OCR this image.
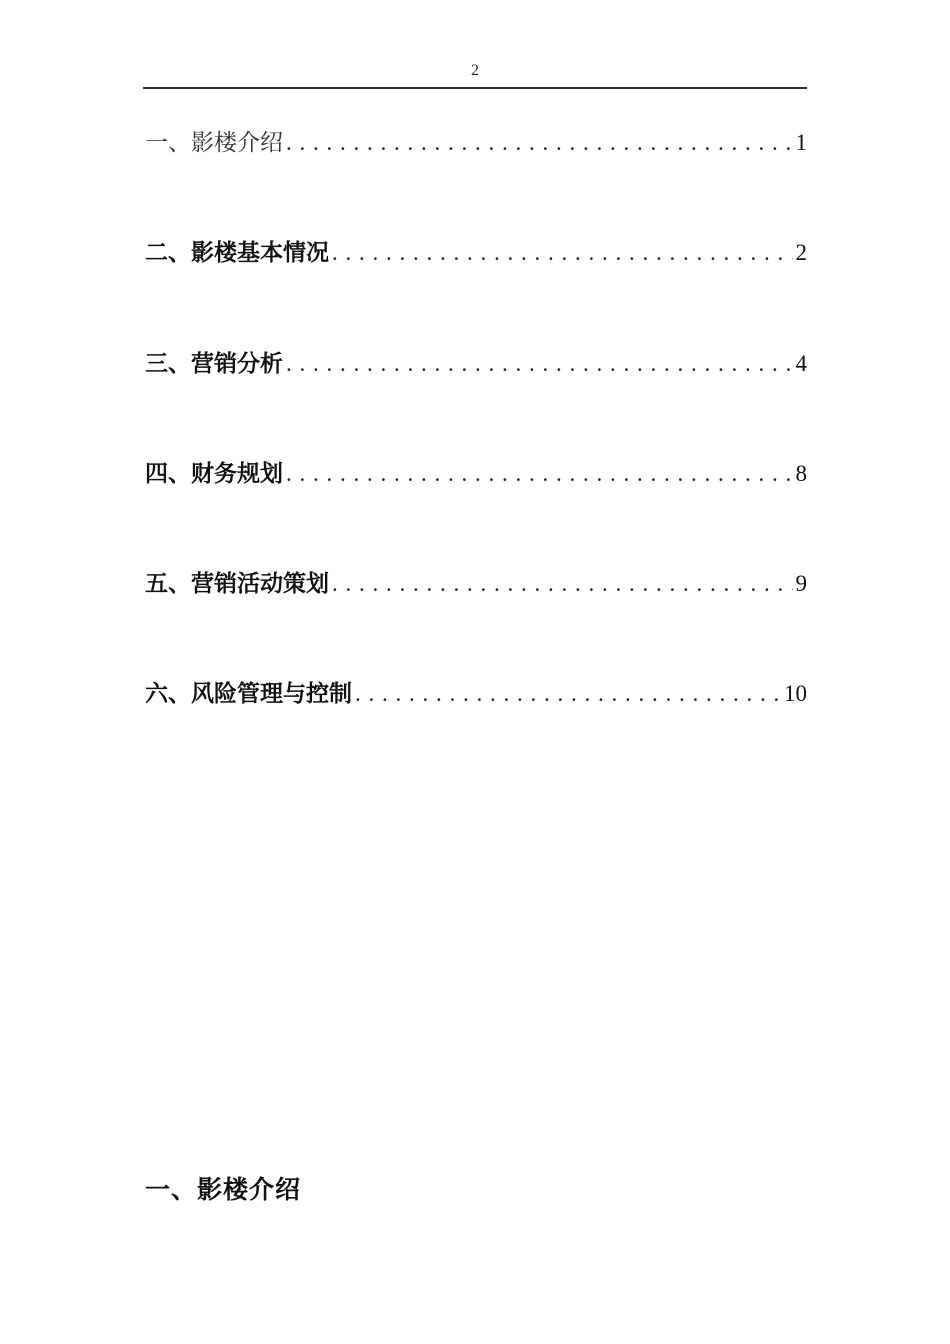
2
一、影楼介绍 . . .	1
二、影楼基本情况 . . .	2
三、营销分析 . . .	4
四、财务规划 . . .	8
五、营销活动策划 . . .	9
六、风险管理与控制 . . .	10
一、影楼介绍
